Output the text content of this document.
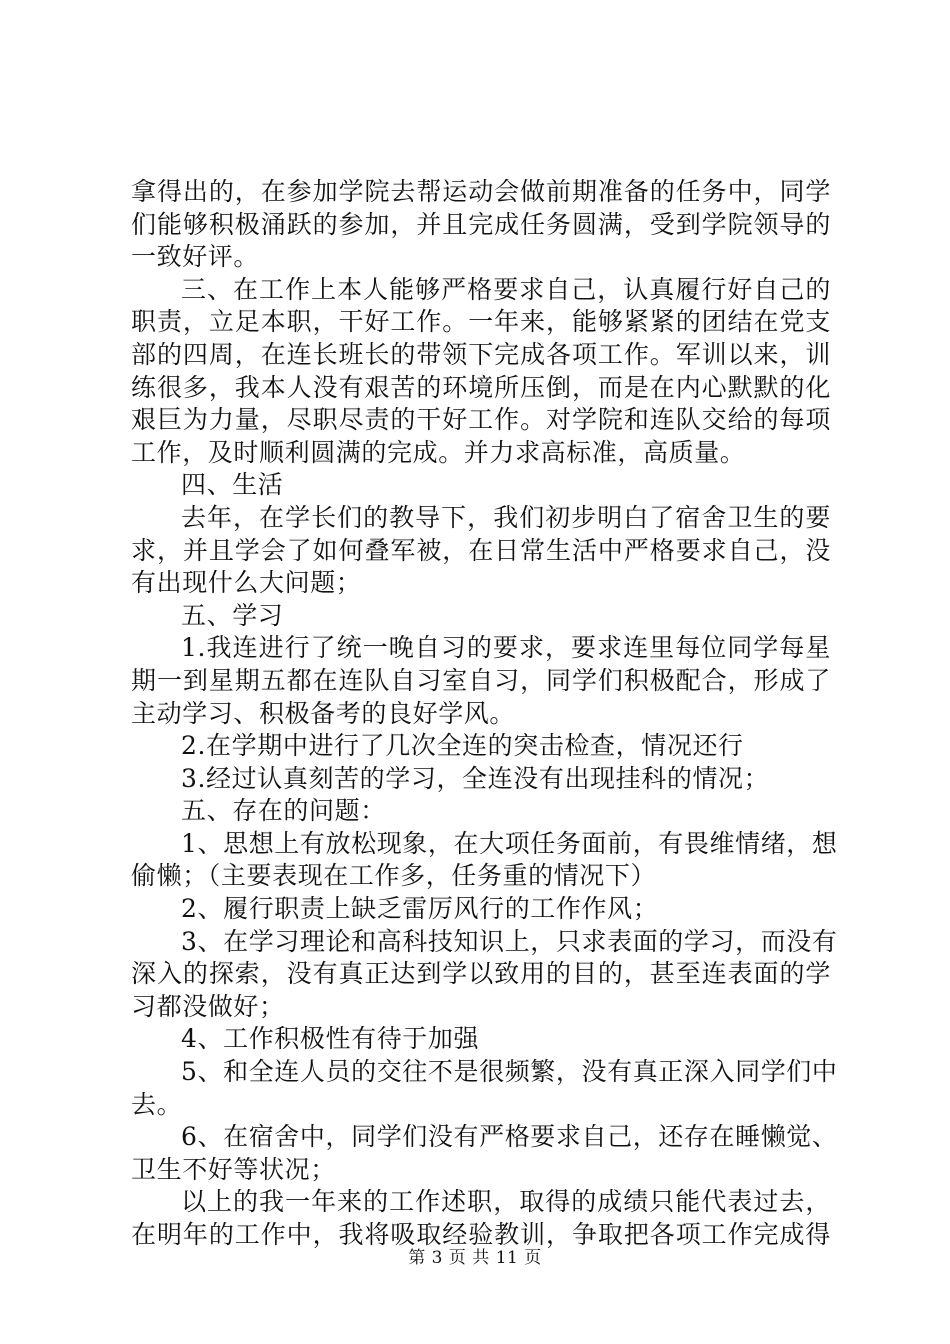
拿得出的，在参加学院去帮运动会做前期准备的任务中，同学
们能够积极涌跃的参加，并且完成任务圆满，受到学院领导的
一致好评。
三、在工作上本人能够严格要求自己，认真履行好自己的
职责，立足本职，干好工作。一年来，能够紧紧的团结在党支
部的四周，在连长班长的带领下完成各项工作。军训以来，训
练很多，我本人没有艰苦的环境所压倒，而是在内心默默的化
艰巨为力量，尽职尽责的干好工作。对学院和连队交给的每项
工作，及时顺利圆满的完成。并力求高标准，高质量。
四、生活
去年，在学长们的教导下，我们初步明白了宿舍卫生的要
求，并且学会了如何叠军被，在日常生活中严格要求自己，没
有出现什么大问题；
五、学习
1.我连进行了统一晚自习的要求，要求连里每位同学每星
期一到星期五都在连队自习室自习，同学们积极配合，形成了
主动学习、积极备考的良好学风。
2.在学期中进行了几次全连的突击检查，情况还行
3.经过认真刻苦的学习，全连没有出现挂科的情况；
五、存在的问题：
1、思想上有放松现象，在大项任务面前，有畏维情绪，想
偷懒；（主要表现在工作多，任务重的情况下）
2、履行职责上缺乏雷厉风行的工作作风；
3、在学习理论和高科技知识上，只求表面的学习，而没有
深入的探索，没有真正达到学以致用的目的，甚至连表面的学
习都没做好；
4、工作积极性有待于加强
5、和全连人员的交往不是很频繁，没有真正深入同学们中
去。
6、在宿舍中，同学们没有严格要求自己，还存在睡懒觉、
卫生不好等状况；
以上的我一年来的工作述职，取得的成绩只能代表过去，
在明年的工作中，我将吸取经验教训，争取把各项工作完成得
第 3 页 共 11 页
